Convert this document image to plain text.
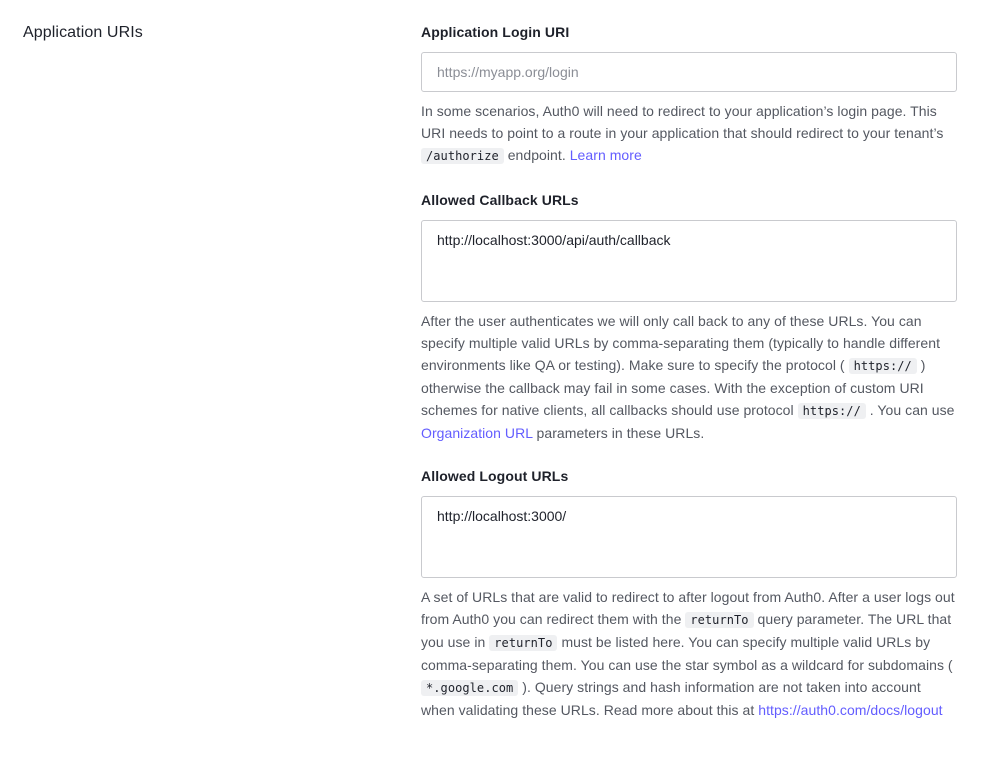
Application URIs	Application Login URI
https://myapp.org/login
In some scenarios, Auth0 will need to redirect to your application’s login page. This URI needs to point to a route in your application that should redirect to your tenant’s /authorize endpoint. Learn more
Allowed Callback URLs
http://localhost:3000/api/auth/callback
After the user authenticates we will only call back to any of these URLs. You can specify multiple valid URLs by comma-separating them (typically to handle different environments like QA or testing). Make sure to specify the protocol ( https:// ) otherwise the callback may fail in some cases. With the exception of custom URI schemes for native clients, all callbacks should use protocol https:// . You can use Organization URL parameters in these URLs.
Allowed Logout URLs
http://localhost:3000/
A set of URLs that are valid to redirect to after logout from Auth0. After a user logs out from Auth0 you can redirect them with the returnTo query parameter. The URL that you use in returnTo must be listed here. You can specify multiple valid URLs by comma-separating them. You can use the star symbol as a wildcard for subdomains ( *.google.com ). Query strings and hash information are not taken into account when validating these URLs. Read more about this at https://auth0.com/docs/logout
